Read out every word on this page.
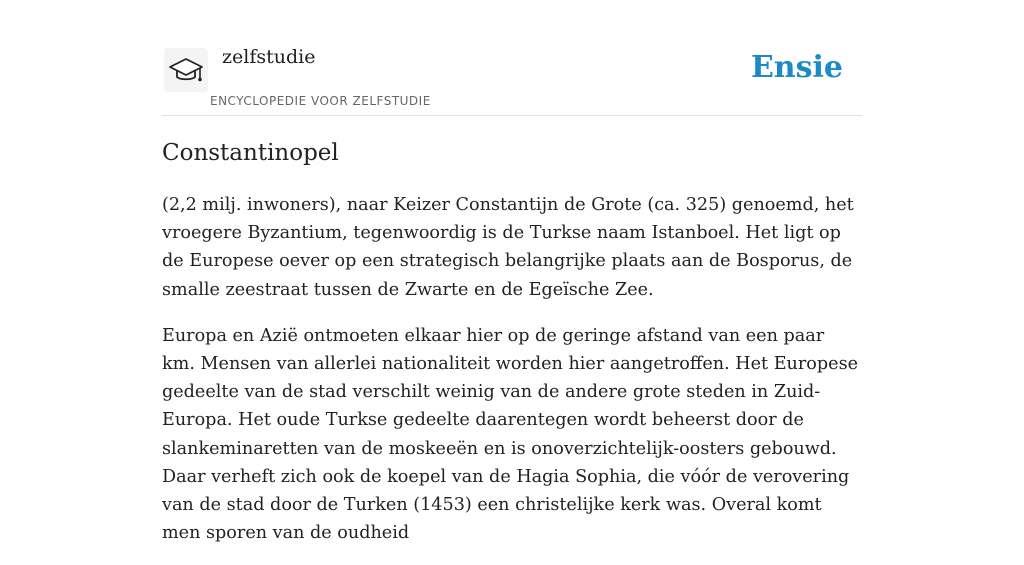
zelfstudie
ENCYCLOPEDIE VOOR ZELFSTUDIE
Ensie
Constantinopel

(2,2 milj. inwoners), naar Keizer Constantijn de Grote (ca. 325) genoemd, het vroegere Byzantium, tegenwoordig is de Turkse naam Istanboel. Het ligt op de Europese oever op een strategisch belangrijke plaats aan de Bosporus, de smalle zeestraat tussen de Zwarte en de Egeïsche Zee.

Europa en Azië ontmoeten elkaar hier op de geringe afstand van een paar km. Mensen van allerlei nationaliteit worden hier aangetroffen. Het Europese gedeelte van de stad verschilt weinig van de andere grote steden in Zuid-Europa. Het oude Turkse gedeelte daarentegen wordt beheerst door de slankeminaretten van de moskeeën en is onoverzichtelijk-oosters gebouwd. Daar verheft zich ook de koepel van de Hagia Sophia, die vóór de verovering van de stad door de Turken (1453) een christelijke kerk was. Overal komt men sporen van de oudheid
